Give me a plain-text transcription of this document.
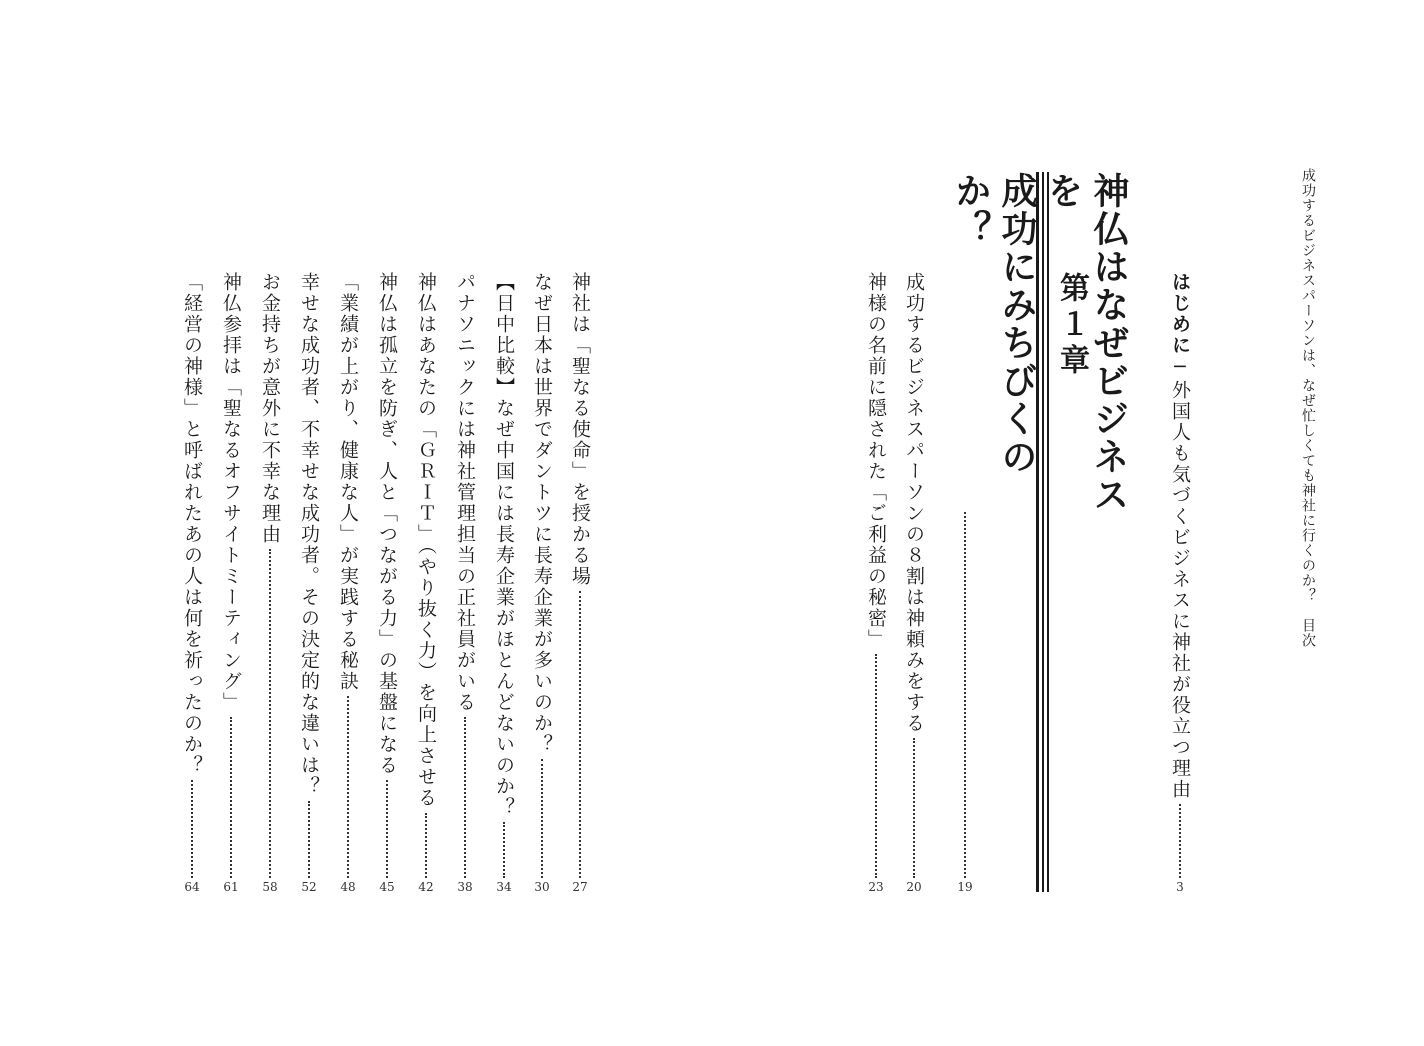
成功するビジネスパーソンは、なぜ忙しくても神社に行くのか？　目次
はじめに─外国人も気づくビジネスに神社が役立つ理由
3
第１章 神仏はなぜビジネスを
成功にみちびくのか？
19
成功するビジネスパーソンの８割は神頼みをする
20
神様の名前に隠された「ご利益の秘密」
23
神社は「聖なる使命」を授かる場
27
なぜ日本は世界でダントツに長寿企業が多いのか？
30
【日中比較】なぜ中国には長寿企業がほとんどないのか？
34
パナソニックには神社管理担当の正社員がいる
38
神仏はあなたの「ＧＲＩＴ」（やり抜く力）を向上させる
42
神仏は孤立を防ぎ、人と「つながる力」の基盤になる
45
「業績が上がり、健康な人」が実践する秘訣
48
幸せな成功者、不幸せな成功者。その決定的な違いは？
52
お金持ちが意外に不幸な理由
58
神仏参拝は「聖なるオフサイトミーティング」
61
「経営の神様」と呼ばれたあの人は何を祈ったのか？
64
